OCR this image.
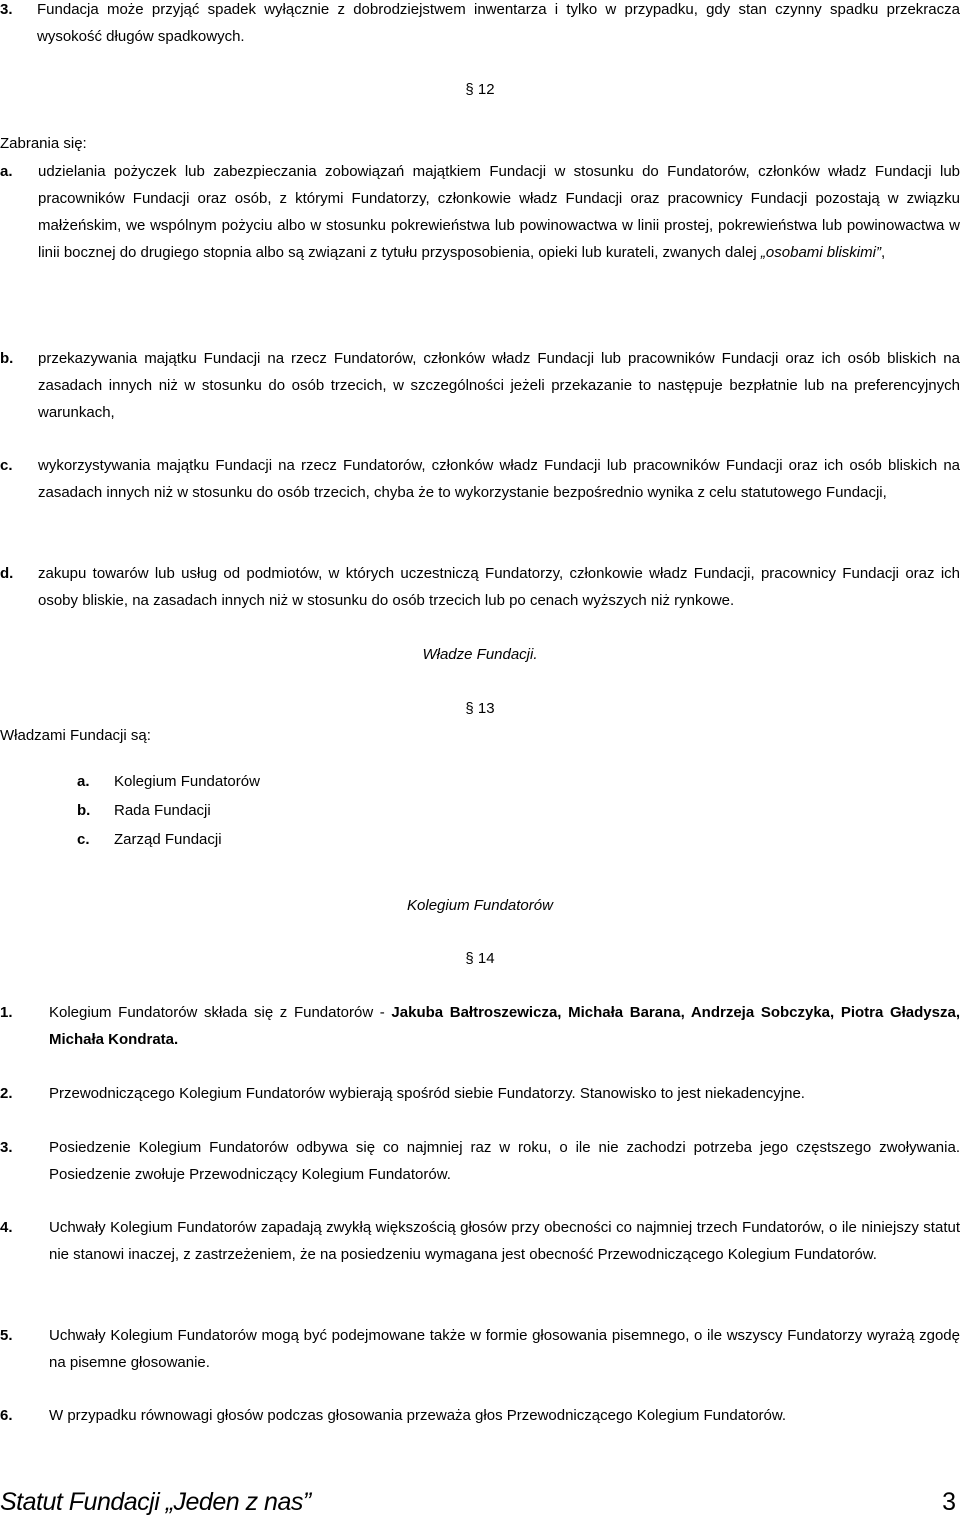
3. Fundacja może przyjąć spadek wyłącznie z dobrodziejstwem inwentarza i tylko w przypadku, gdy stan czynny spadku przekracza wysokość długów spadkowych.
§ 12
Zabrania się:
a. udzielania pożyczek lub zabezpieczania zobowiązań majątkiem Fundacji w stosunku do Fundatorów, członków władz Fundacji lub pracowników Fundacji oraz osób, z którymi Fundatorzy, członkowie władz Fundacji oraz pracownicy Fundacji pozostają w związku małżeńskim, we wspólnym pożyciu albo w stosunku pokrewieństwa lub powinowactwa w linii prostej, pokrewieństwa lub powinowactwa w linii bocznej do drugiego stopnia albo są związani z tytułu przysposobienia, opieki lub kurateli, zwanych dalej „osobami bliskimi”,
b. przekazywania majątku Fundacji na rzecz Fundatorów, członków władz Fundacji lub pracowników Fundacji oraz ich osób bliskich na zasadach innych niż w stosunku do osób trzecich, w szczególności jeżeli przekazanie to następuje bezpłatnie lub na preferencyjnych warunkach,
c. wykorzystywania majątku Fundacji na rzecz Fundatorów, członków władz Fundacji lub pracowników Fundacji oraz ich osób bliskich na zasadach innych niż w stosunku do osób trzecich, chyba że to wykorzystanie bezpośrednio wynika z celu statutowego Fundacji,
d. zakupu towarów lub usług od podmiotów, w których uczestniczą Fundatorzy, członkowie władz Fundacji, pracownicy Fundacji oraz ich osoby bliskie, na zasadach innych niż w stosunku do osób trzecich lub po cenach wyższych niż rynkowe.
Władze Fundacji.
§ 13
Władzami Fundacji są:
a. Kolegium Fundatorów
b. Rada Fundacji
c. Zarząd Fundacji
Kolegium Fundatorów
§ 14
1. Kolegium Fundatorów składa się z Fundatorów - Jakuba Bałtroszewicza, Michała Barana, Andrzeja Sobczyka, Piotra Gładysza, Michała Kondrata.
2. Przewodniczącego Kolegium Fundatorów wybierają spośród siebie Fundatorzy. Stanowisko to jest niekadencyjne.
3. Posiedzenie Kolegium Fundatorów odbywa się co najmniej raz w roku, o ile nie zachodzi potrzeba jego częstszego zwoływania. Posiedzenie zwołuje Przewodniczący Kolegium Fundatorów.
4. Uchwały Kolegium Fundatorów zapadają zwykłą większością głosów przy obecności co najmniej trzech Fundatorów, o ile niniejszy statut nie stanowi inaczej, z zastrzeżeniem, że na posiedzeniu wymagana jest obecność Przewodniczącego Kolegium Fundatorów.
5. Uchwały Kolegium Fundatorów mogą być podejmowane także w formie głosowania pisemnego, o ile wszyscy Fundatorzy wyrażą zgodę na pisemne głosowanie.
6. W przypadku równowagi głosów podczas głosowania przeważa głos Przewodniczącego Kolegium Fundatorów.
Statut Fundacji „Jeden z nas”	3
